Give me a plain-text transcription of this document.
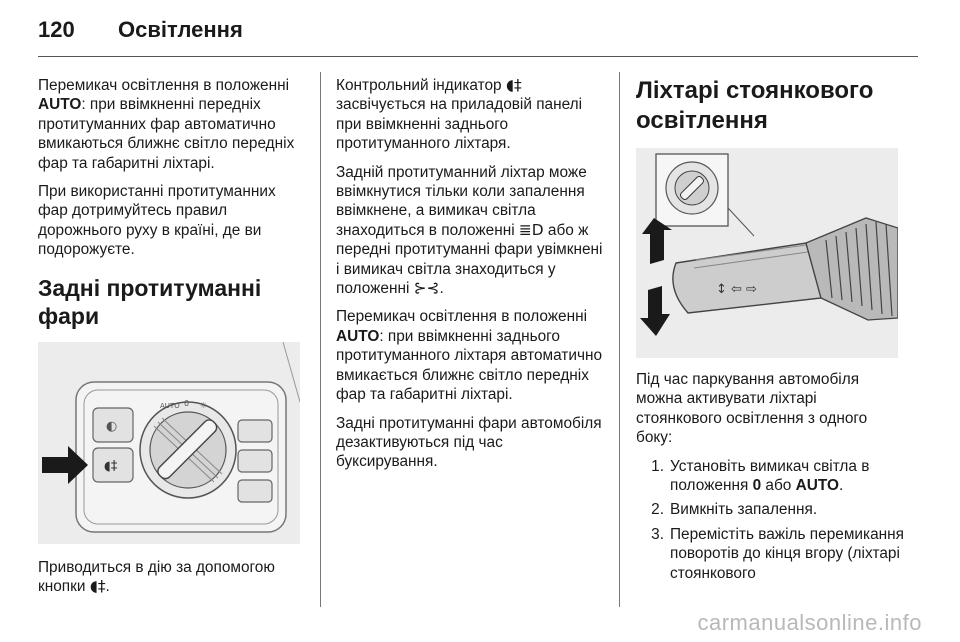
120	Освітлення

Перемикач освітлення в положенні AUTO: при ввімкненні передніх протитуманних фар автоматично вмикаються ближнє світло передніх фар та габаритні ліхтарі.

При використанні протитуманних фар дотримуйтесь правил дорожнього руху в країні, де ви подорожуєте.

Задні протитуманні фари
◐
◖‡
AUTO 0 ☼

Приводиться в дію за допомогою кнопки ◖‡.

Контрольний індикатор ◖‡
засвічується на приладовій панелі при ввімкненні заднього протитуманного ліхтаря.

Задній протитуманний ліхтар може ввімкнутися тільки коли запалення ввімкнене, а вимикач світла знаходиться в положенні ≣D або ж передні протитуманні фари увімкнені і вимикач світла знаходиться у положенні ⊱⊰.

Перемикач освітлення в положенні AUTO: при ввімкненні заднього протитуманного ліхтаря автоматично вмикається ближнє світло передніх фар та габаритні ліхтарі.

Задні протитуманні фари автомобіля дезактивуються під час буксирування.

Ліхтарі стоянкового освітлення
↕ ⇦ ⇨

Під час паркування автомобіля можна активувати ліхтарі стоянкового освітлення з одного боку:

1. Установіть вимикач світла в положення 0 або AUTO.
2. Вимкніть запалення.
3. Перемістіть важіль перемикання поворотів до кінця вгору (ліхтарі стоянкового
carmanualsonline.info
